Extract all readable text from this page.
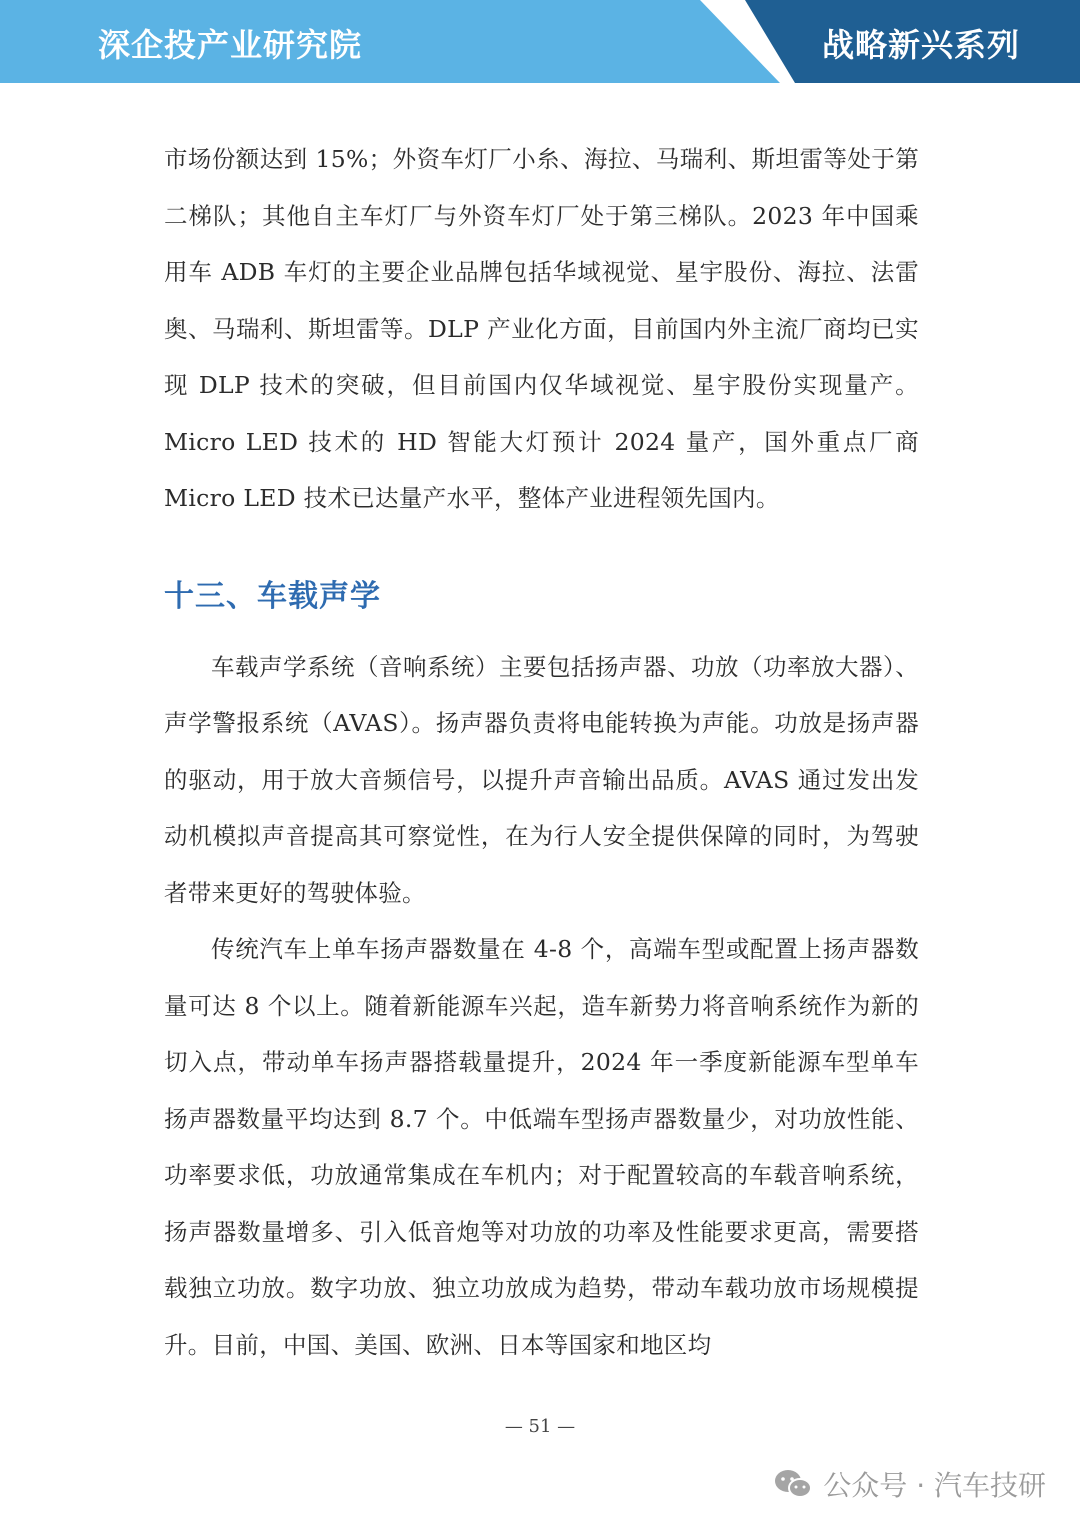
深企投产业研究院	战略新兴系列

市场份额达到 15%；外资车灯厂小糸、海拉、马瑞利、斯坦雷等处于第二梯队；其他自主车灯厂与外资车灯厂处于第三梯队。2023 年中国乘用车 ADB 车灯的主要企业品牌包括华域视觉、星宇股份、海拉、法雷奥、马瑞利、斯坦雷等。DLP 产业化方面，目前国内外主流厂商均已实现 DLP 技术的突破，但目前国内仅华域视觉、星宇股份实现量产。Micro LED 技术的 HD 智能大灯预计 2024 量产，国外重点厂商 Micro LED 技术已达量产水平，整体产业进程领先国内。

十三、车载声学

车载声学系统（音响系统）主要包括扬声器、功放（功率放大器）、声学警报系统（AVAS）。扬声器负责将电能转换为声能。功放是扬声器的驱动，用于放大音频信号，以提升声音输出品质。AVAS 通过发出发动机模拟声音提高其可察觉性，在为行人安全提供保障的同时，为驾驶者带来更好的驾驶体验。

传统汽车上单车扬声器数量在 4-8 个，高端车型或配置上扬声器数量可达 8 个以上。随着新能源车兴起，造车新势力将音响系统作为新的切入点，带动单车扬声器搭载量提升，2024 年一季度新能源车型单车扬声器数量平均达到 8.7 个。中低端车型扬声器数量少，对功放性能、功率要求低，功放通常集成在车机内；对于配置较高的车载音响系统，扬声器数量增多、引入低音炮等对功放的功率及性能要求更高，需要搭载独立功放。数字功放、独立功放成为趋势，带动车载功放市场规模提升。目前，中国、美国、欧洲、日本等国家和地区均

— 51 —
公众号 · 汽车技研
